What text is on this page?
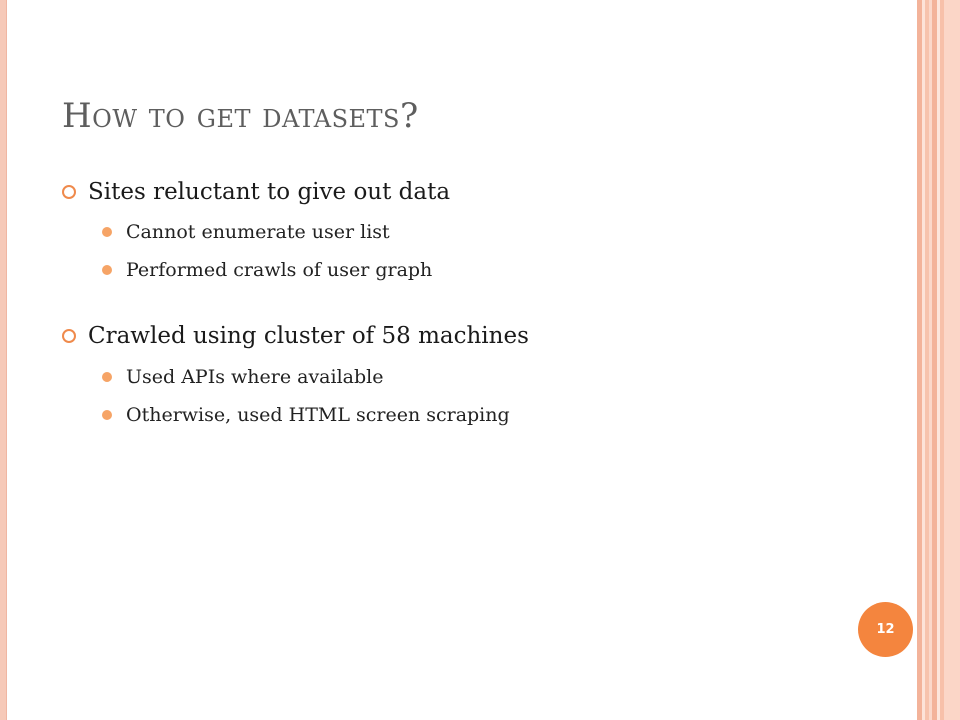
How to get datasets?
Sites reluctant to give out data
Cannot enumerate user list
Performed crawls of user graph
Crawled using cluster of 58 machines
Used APIs where available
Otherwise, used HTML screen scraping
12
